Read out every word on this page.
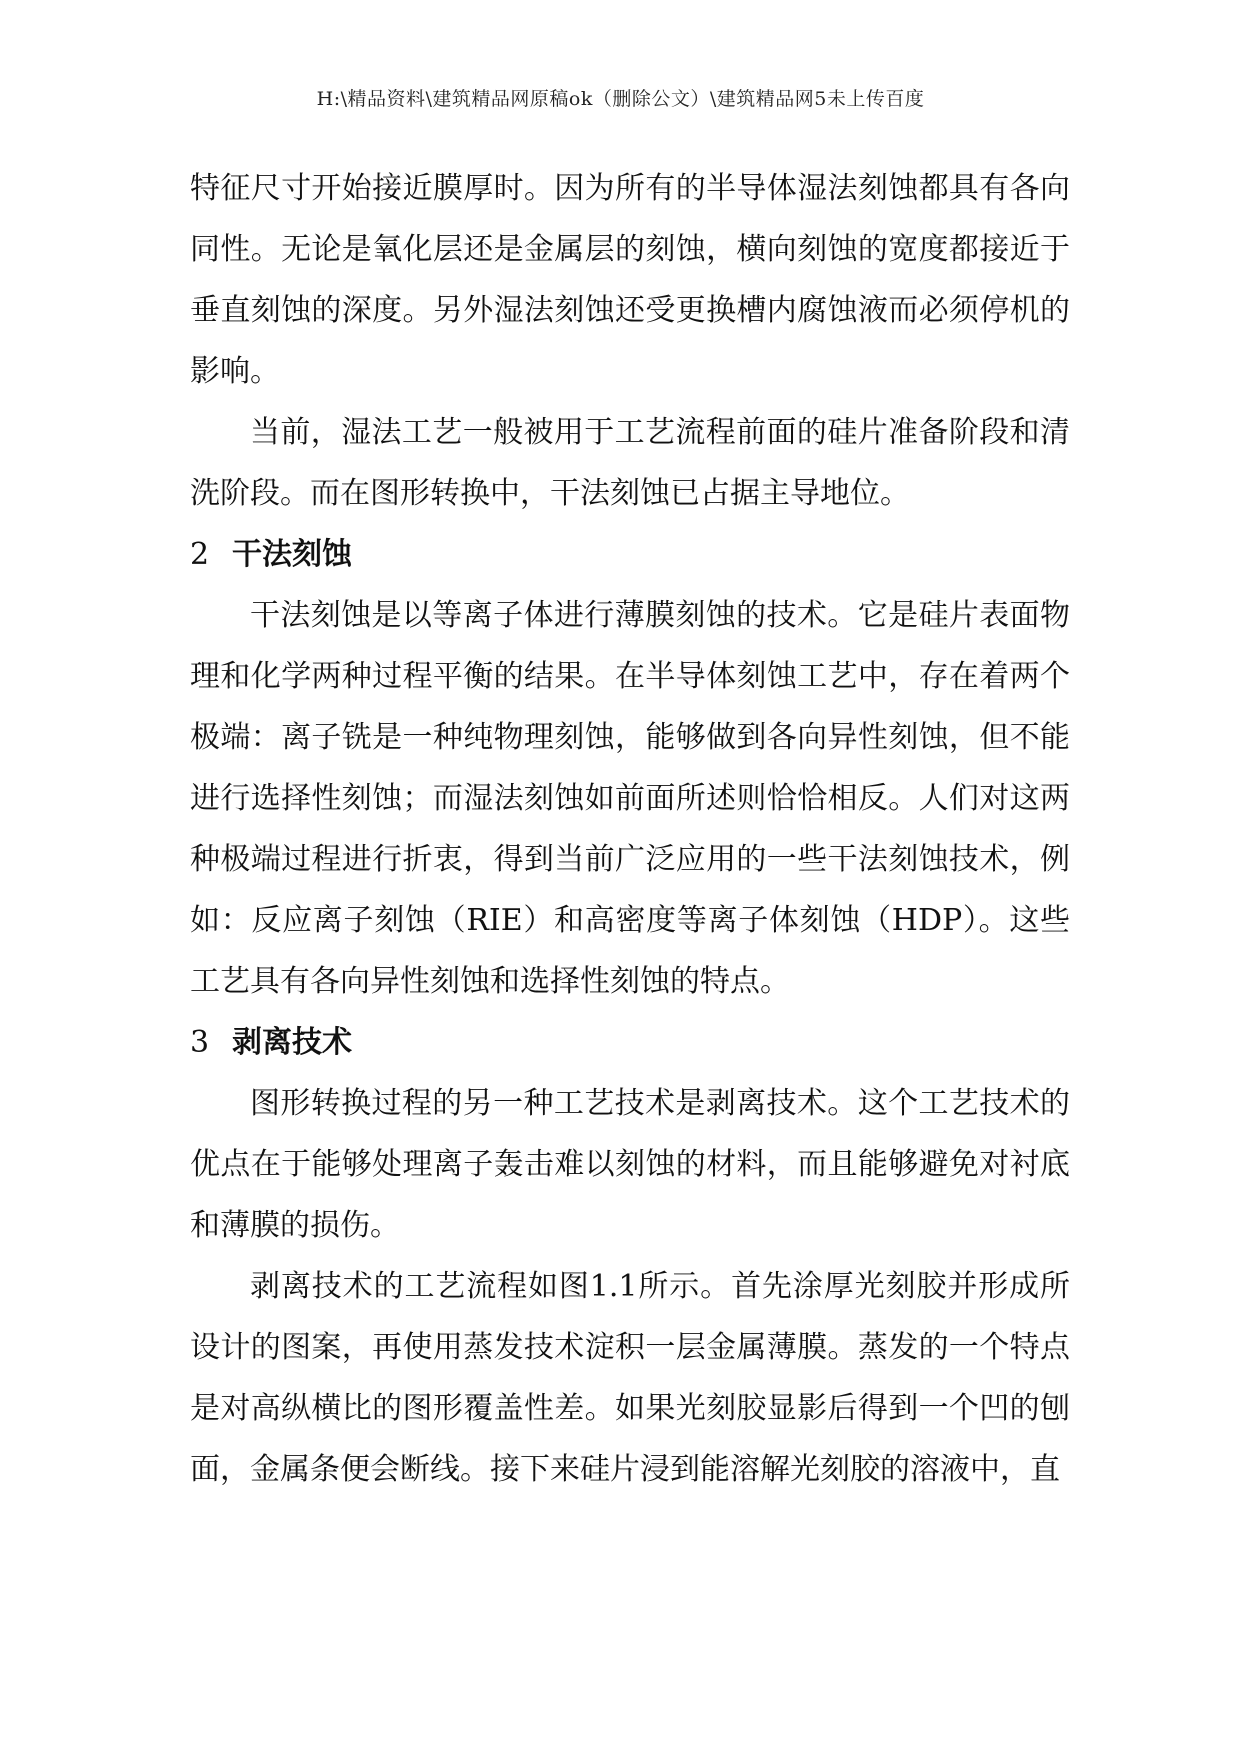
H:\精品资料\建筑精品网原稿ok（删除公文）\建筑精品网5未上传百度

特征尺寸开始接近膜厚时。因为所有的半导体湿法刻蚀都具有各向同性。无论是氧化层还是金属层的刻蚀，横向刻蚀的宽度都接近于垂直刻蚀的深度。另外湿法刻蚀还受更换槽内腐蚀液而必须停机的影响。

当前，湿法工艺一般被用于工艺流程前面的硅片准备阶段和清洗阶段。而在图形转换中，干法刻蚀已占据主导地位。

2 干法刻蚀

干法刻蚀是以等离子体进行薄膜刻蚀的技术。它是硅片表面物理和化学两种过程平衡的结果。在半导体刻蚀工艺中，存在着两个极端：离子铣是一种纯物理刻蚀，能够做到各向异性刻蚀，但不能进行选择性刻蚀；而湿法刻蚀如前面所述则恰恰相反。人们对这两种极端过程进行折衷，得到当前广泛应用的一些干法刻蚀技术，例如：反应离子刻蚀（RIE）和高密度等离子体刻蚀（HDP）。这些工艺具有各向异性刻蚀和选择性刻蚀的特点。

3 剥离技术

图形转换过程的另一种工艺技术是剥离技术。这个工艺技术的优点在于能够处理离子轰击难以刻蚀的材料，而且能够避免对衬底和薄膜的损伤。

剥离技术的工艺流程如图1.1所示。首先涂厚光刻胶并形成所设计的图案，再使用蒸发技术淀积一层金属薄膜。蒸发的一个特点是对高纵横比的图形覆盖性差。如果光刻胶显影后得到一个凹的刨面，金属条便会断线。接下来硅片浸到能溶解光刻胶的溶液中，直
